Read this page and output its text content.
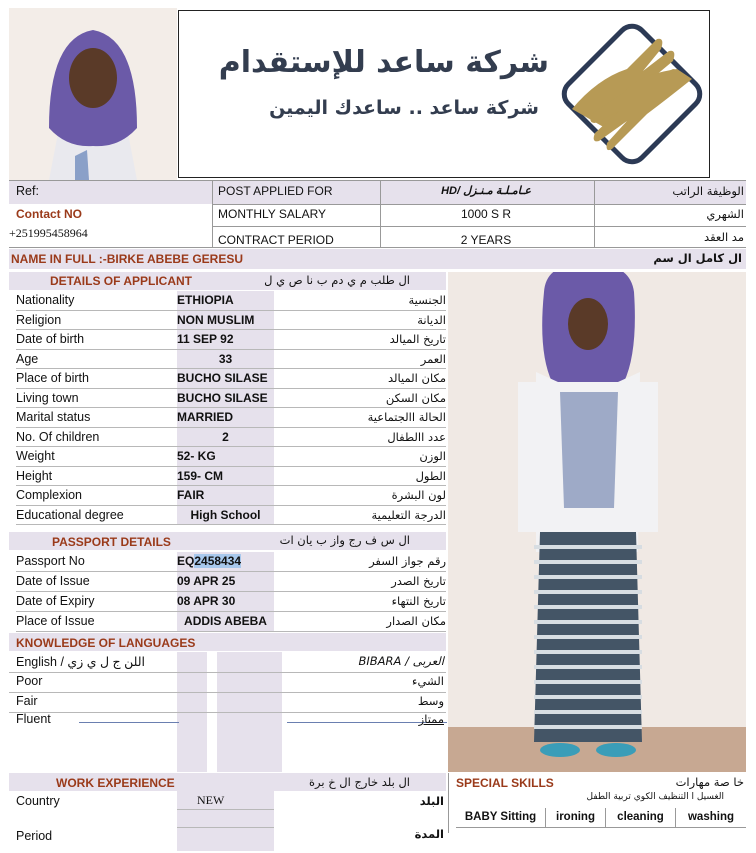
شركة ساعد للإستقدام
شركة ساعد .. ساعدك اليمين
Ref:
Contact NO
+251995458964
POST APPLIED FOR	HD/ عـامـلـة مـنـزل	الوظيفة الراتب
MONTHLY SALARY	1000 S R	الشهري
CONTRACT PERIOD	2 YEARS	مد العقد
NAME IN FULL :-BIRKE ABEBE GERESU	ال كامل ال سم
DETAILS OF APPLICANT	ال طلب م ي دم ب نا ص ي ل
Nationality	ETHIOPIA	الجنسية
Religion	NON MUSLIM	الديانة
Date of birth	11 SEP 92	تاريخ الميالد
Age	33	العمر
Place of birth	BUCHO SILASE	مكان الميالد
Living town	BUCHO SILASE	مكان السكن
Marital status	MARRIED	الحالة االجتماعية
No. Of children	2	عدد االطفال
Weight	52- KG	الوزن
Height	159- CM	الطول
Complexion	FAIR	لون البشرة
Educational degree	High School	الدرجة التعليمية
PASSPORT DETAILS	ال س ف رج واز ب يان ات
Passport No	EQ2458434	رقم جواز السفر
Date of Issue	09 APR 25	تاريخ الصدر
Date of Expiry	08 APR 30	تاريخ النتهاء
Place of Issue	ADDIS ABEBA	مكان الصدار
KNOWLEDGE OF LANGUAGES
English / اللن ج ل ي زي	العربى / BIBARA
Poor	الشيء
Fair	وسط
Fluent	ممتاز
WORK EXPERIENCE	ال بلد خارج ال خ برة
Country	NEW	البلد
Period	المدة
SPECIAL SKILLS	خا صة مهارات
الغسيل ا التنظيف الكوي تربية الطفل
BABY Sitting	ironing	cleaning	washing
